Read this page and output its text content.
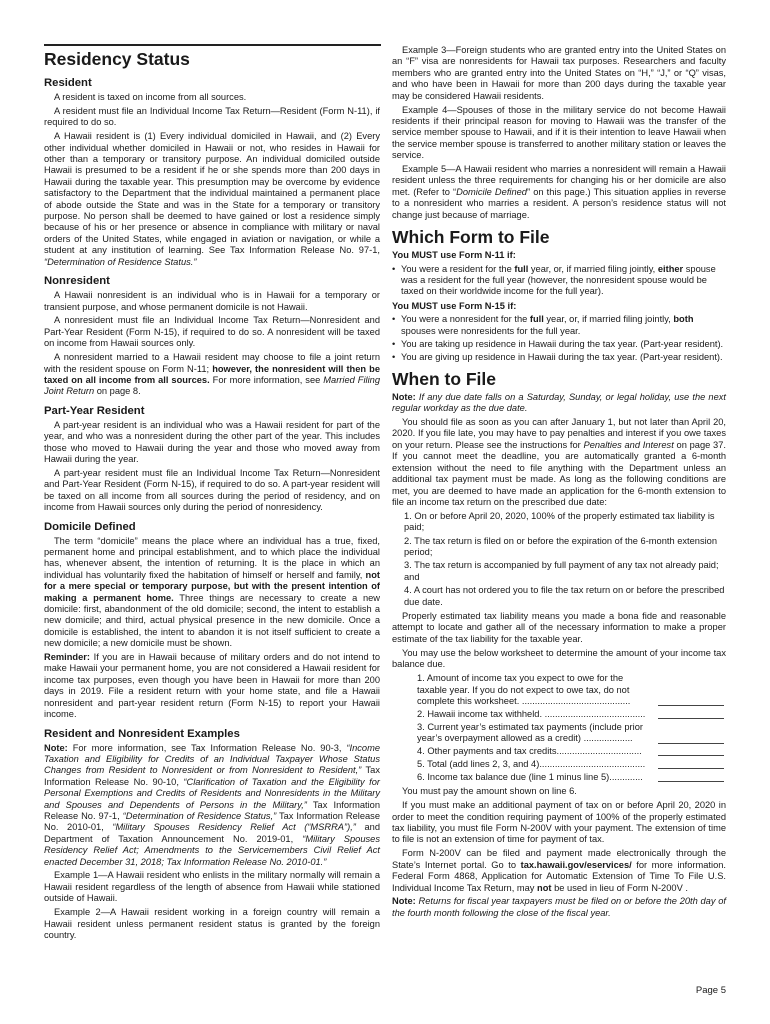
Residency Status
Resident

A resident is taxed on income from all sources.

A resident must file an Individual Income Tax Return—Resident (Form N-11), if required to do so.

A Hawaii resident is (1) Every individual domiciled in Hawaii, and (2) Every other individual whether domiciled in Hawaii or not, who resides in Hawaii for other than a temporary or transitory purpose. An individual domiciled outside Hawaii is presumed to be a resident if he or she spends more than 200 days in Hawaii during the taxable year. This presumption may be overcome by evidence satisfactory to the Department that the individual maintained a permanent place of abode outside the State and was in the State for a temporary or transitory purpose. No person shall be deemed to have gained or lost a residence simply because of his or her presence or absence in compliance with military or naval orders of the United States, while engaged in aviation or navigation, or while a student at any institution of learning. See Tax Information Release No. 97-1, “Determination of Residence Status.”

Nonresident

A Hawaii nonresident is an individual who is in Hawaii for a temporary or transient purpose, and whose permanent domicile is not Hawaii.

A nonresident must file an Individual Income Tax Return—Nonresident and Part-Year Resident (Form N-15), if required to do so. A nonresident will be taxed on income from Hawaii sources only.

A nonresident married to a Hawaii resident may choose to file a joint return with the resident spouse on Form N-11; however, the nonresident will then be taxed on all income from all sources. For more information, see Married Filing Joint Return on page 8.

Part-Year Resident

A part-year resident is an individual who was a Hawaii resident for part of the year, and who was a nonresident during the other part of the year. This includes those who moved to Hawaii during the year and those who moved away from Hawaii during the year.

A part-year resident must file an Individual Income Tax Return—Nonresident and Part-Year Resident (Form N-15), if required to do so. A part-year resident will be taxed on all income from all sources during the period of residency, and on income from Hawaii sources only during the period of nonresidency.

Domicile Defined

The term “domicile” means the place where an individual has a true, fixed, permanent home and principal establishment, and to which place the individual has, whenever absent, the intention of returning. It is the place in which an individual has voluntarily fixed the habitation of himself or herself and family, not for a mere special or temporary purpose, but with the present intention of making a permanent home. Three things are necessary to create a new domicile: first, abandonment of the old domicile; second, the intent to establish a new domicile; and third, actual physical presence in the new domicile. Once a domicile is established, the intent to abandon it is not itself sufficient to create a new domicile; a new domicile must be shown.

Reminder: If you are in Hawaii because of military orders and do not intend to make Hawaii your permanent home, you are not considered a Hawaii resident for income tax purposes, even though you have been in Hawaii for more than 200 days in 2019. File a resident return with your home state, and file a Hawaii nonresident and part-year resident return (Form N-15) to report your Hawaii income.

Resident and Nonresident Examples

Note: For more information, see Tax Information Release No. 90-3, “Income Taxation and Eligibility for Credits of an Individual Taxpayer Whose Status Changes from Resident to Nonresident or from Nonresident to Resident,” Tax Information Release No. 90-10, “Clarification of Taxation and the Eligibility for Personal Exemptions and Credits of Residents and Nonresidents in the Military and Spouses and Dependents of Persons in the Military,” Tax Information Release No. 97-1, “Determination of Residence Status,” Tax Information Release No. 2010-01, “Military Spouses Residency Relief Act (“MSRRA”),” and Department of Taxation Announcement No. 2019-01, “Military Spouses Residency Relief Act; Amendments to the Servicemembers Civil Relief Act enacted December 31, 2018; Tax Information Release No. 2010-01.”

Example 1—A Hawaii resident who enlists in the military normally will remain a Hawaii resident regardless of the length of absence from Hawaii while stationed outside of Hawaii.

Example 2—A Hawaii resident working in a foreign country will remain a Hawaii resident unless permanent resident status is granted by the foreign country.

Example 3—Foreign students who are granted entry into the United States on an “F” visa are nonresidents for Hawaii tax purposes. Researchers and faculty members who are granted entry into the United States on “H,” “J,” or “Q” visas, and who have been in Hawaii for more than 200 days during the taxable year may be considered Hawaii residents.

Example 4—Spouses of those in the military service do not become Hawaii residents if their principal reason for moving to Hawaii was the transfer of the service member spouse to Hawaii, and if it is their intention to leave Hawaii when the service member spouse is transferred to another military station or leaves the service.

Example 5—A Hawaii resident who marries a nonresident will remain a Hawaii resident unless the three requirements for changing his or her domicile are also met. (Refer to “Domicile Defined” on this page.) This situation applies in reverse to a nonresident who marries a resident. A person’s residence status will not change just because of marriage.

Which Form to File
You MUST use Form N-11 if:
• You were a resident for the full year, or, if married filing jointly, either spouse was a resident for the full year (however, the nonresident spouse would be taxed on their worldwide income for the full year).
You MUST use Form N-15 if:
• You were a nonresident for the full year, or, if married filing jointly, both spouses were nonresidents for the full year.
• You are taking up residence in Hawaii during the tax year. (Part-year resident).
• You are giving up residence in Hawaii during the tax year. (Part-year resident).
When to File

Note: If any due date falls on a Saturday, Sunday, or legal holiday, use the next regular workday as the due date.

You should file as soon as you can after January 1, but not later than April 20, 2020. If you file late, you may have to pay penalties and interest if you owe taxes on your return. Please see the instructions for Penalties and Interest on page 37. If you cannot meet the deadline, you are automatically granted a 6-month extension without the need to file anything with the Department unless an additional tax payment must be made. As long as the following conditions are met, you are deemed to have made an application for the 6-month extension to file an income tax return on the prescribed due date:

1. On or before April 20, 2020, 100% of the properly estimated tax liability is paid;
2. The tax return is filed on or before the expiration of the 6-month extension period;
3. The tax return is accompanied by full payment of any tax not already paid; and
4. A court has not ordered you to file the tax return on or before the prescribed due date.

Properly estimated tax liability means you made a bona fide and reasonable attempt to locate and gather all of the necessary information to make a proper estimate of the tax liability for the taxable year.

You may use the below worksheet to determine the amount of your income tax balance due.

1. Amount of income tax you expect to owe for the taxable year. If you do not expect to owe tax, do not complete this worksheet. ..........................................
2. Hawaii income tax withheld. .......................................
3. Current year’s estimated tax payments (include prior year’s overpayment allowed as a credit) ...................
4. Other payments and tax credits.................................
5. Total (add lines 2, 3, and 4).........................................
6. Income tax balance due (line 1 minus line 5).............

You must pay the amount shown on line 6.

If you must make an additional payment of tax on or before April 20, 2020 in order to meet the condition requiring payment of 100% of the properly estimated tax liability, you must file Form N-200V with your payment. The extension of time to file is not an extension of time for payment of tax.

Form N-200V can be filed and payment made electronically through the State’s Internet portal. Go to tax.hawaii.gov/eservices/ for more information. Federal Form 4868, Application for Automatic Extension of Time To File U.S. Individual Income Tax Return, may not be used in lieu of Form N-200V .

Note: Returns for fiscal year taxpayers must be filed on or before the 20th day of the fourth month following the close of the fiscal year.

Page 5
